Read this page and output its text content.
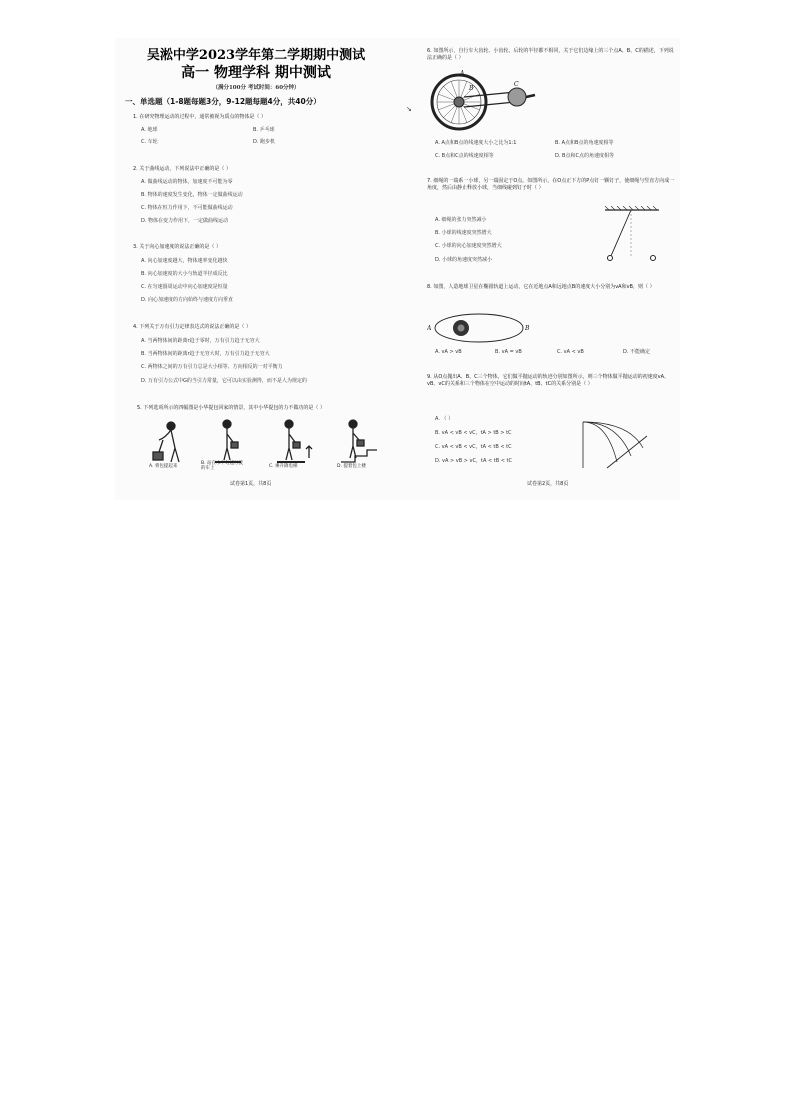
吴淞中学2023学年第二学期期中测试
高一 物理学科 期中测试
（满分100分 考试时间：60分钟）
一、单选题（1-8题每题3分，9-12题每题4分，共40分）
1. 在研究物理运动的过程中，通常被视为质点的物体是（ ）
A. 地球	B. 乒乓球
C. 车轮	D. 跑步机
2. 关于曲线运动，下列说法中正确的是（ ）
A. 做曲线运动的物体，加速度不可能为零
B. 物体的速度发生变化，物体一定做曲线运动
C. 物体在恒力作用下，不可能做曲线运动
D. 物体在变力作用下，一定做曲线运动
3. 关于向心加速度的说法正确的是（ ）
A. 向心加速度越大，物体速率变化越快
B. 向心加速度的大小与轨道半径成反比
C. 在匀速圆周运动中向心加速度是恒量
D. 向心加速度的方向始终与速度方向垂直
4. 下列关于万有引力定律表达式的说法正确的是（ ）
A. 当两物体间的距离r趋于零时，万有引力趋于无穷大
B. 当两物体间的距离r趋于无穷大时，万有引力趋于无穷大
C. 两物体之间的万有引力总是大小相等、方向相反的一对平衡力
D. 万有引力公式中G的当引力常量，它可以由实验测得，而不是人为规定的
5. 下列选项所示的四幅图是小华提包回家的情景，其中小华提包的力不做功的是（ ）
A. 将包提起来
B. 站在水平匀速行驶的车上	C. 乘升降电梯	D. 提着包上楼
试卷第1页，共8页
↘
6. 如图所示，自行车大齿轮、小齿轮、后轮的半径都不相同，关于它们边缘上的三个点A、B、C的描述，下列说法正确的是（ ）
A
B
C
A. A点和B点的线速度大小之比为1:1	B. A点和B点的角速度相等
C. B点和C点的线速度相等	D. B点和C点的角速度相等
7. 细绳的一端系一小球，另一端固定于O点。如图所示，在O点正下方的P点钉一颗钉子，使细绳与竖直方向成一角度，然后由静止释放小球，当细线碰到钉子时（ ）
A. 细绳的张力突然减小
B. 小球的线速度突然增大
C. 小球的向心加速度突然增大
D. 小球的角速度突然减小
8. 如图，人造地球卫星在椭圆轨道上运动，它在近地点A和远地点B的速度大小分别为vA和vB，则（ ）
A	B
A. vA > vB	B. vA = vB	C. vA < vB	D. 不能确定
9. 从O点抛出A、B、C三个物体，它们做平抛运动的轨迹分别如图所示，则三个物体做平抛运动的初速度vA、vB、vC的关系和三个物体在空中运动的时间tA、tB、tC的关系分别是（ ）
A. （ ）
B. vA < vB < vC，tA > tB > tC
C. vA < vB < vC，tA < tB < tC
D. vA > vB > vC，tA < tB < tC
试卷第2页，共8页
